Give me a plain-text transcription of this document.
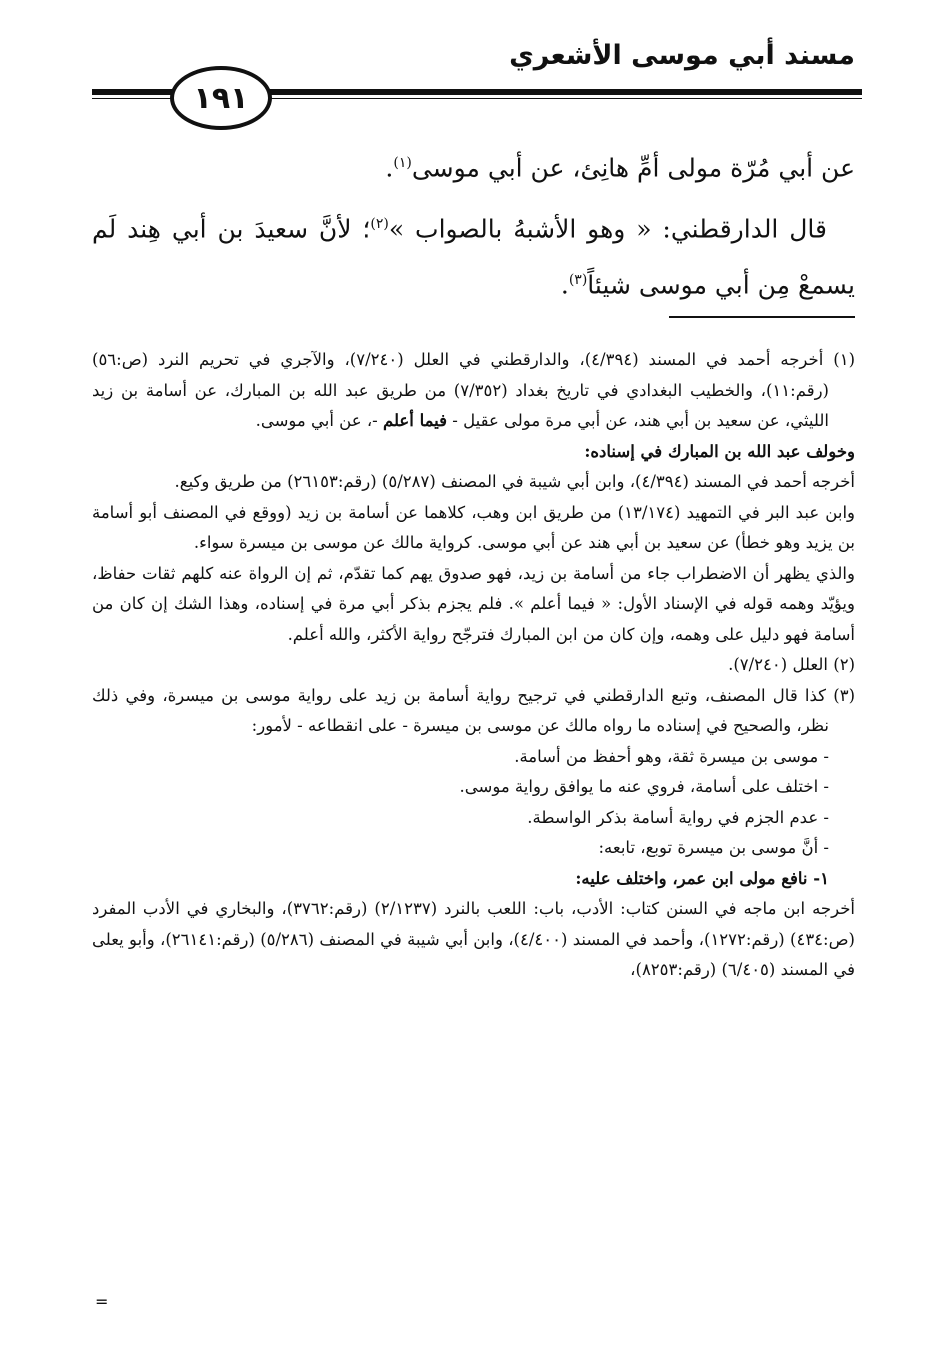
مسند أبي موسى الأشعري
١٩١

عن أبي مُرّة مولى أمِّ هانِئ، عن أبي موسى$^{(١)}$.

قال الدارقطني: « وهو الأشبهُ بالصواب »$^{(٢)}$؛ لأنَّ سعيدَ بن أبي هِند لَم يسمعْ مِن أبي موسى شيئاً$^{(٣)}$.

(١) أخرجه أحمد في المسند (٤/٣٩٤)، والدارقطني في العلل (٧/٢٤٠)، والآجري في تحريم النرد (ص:٥٦) (رقم:١١)، والخطيب البغدادي في تاريخ بغداد (٧/٣٥٢) من طريق عبد الله بن المبارك، عن أسامة بن زيد الليثي، عن سعيد بن أبي هند، عن أبي مرة مولى عقيل - فيما أعلم -، عن أبي موسى.

وخولف عبد الله بن المبارك في إسناده:

أخرجه أحمد في المسند (٤/٣٩٤)، وابن أبي شيبة في المصنف (٥/٢٨٧) (رقم:٢٦١٥٣) من طريق وكيع.

وابن عبد البر في التمهيد (١٣/١٧٤) من طريق ابن وهب، كلاهما عن أسامة بن زيد (ووقع في المصنف أبو أسامة بن يزيد وهو خطأ) عن سعيد بن أبي هند عن أبي موسى. كرواية مالك عن موسى بن ميسرة سواء.

والذي يظهر أن الاضطراب جاء من أسامة بن زيد، فهو صدوق يهم كما تقدّم، ثم إن الرواة عنه كلهم ثقات حفاظ، ويؤيّد وهمه قوله في الإسناد الأول: « فيما أعلم ». فلم يجزم بذكر أبي مرة في إسناده، وهذا الشك إن كان من أسامة فهو دليل على وهمه، وإن كان من ابن المبارك فترجّح رواية الأكثر، والله أعلم.

(٢) العلل (٧/٢٤٠).

(٣) كذا قال المصنف، وتبع الدارقطني في ترجيح رواية أسامة بن زيد على رواية موسى بن ميسرة، وفي ذلك نظر، والصحيح في إسناده ما رواه مالك عن موسى بن ميسرة - على انقطاعه - لأمور:

- موسى بن ميسرة ثقة، وهو أحفظ من أسامة.

- اختلف على أسامة، فروي عنه ما يوافق رواية موسى.

- عدم الجزم في رواية أسامة بذكر الواسطة.

- أنَّ موسى بن ميسرة توبع، تابعه:

١- نافع مولى ابن عمر، واختلف عليه:

أخرجه ابن ماجه في السنن كتاب: الأدب، باب: اللعب بالنرد (٢/١٢٣٧) (رقم:٣٧٦٢)، والبخاري في الأدب المفرد (ص:٤٣٤) (رقم:١٢٧٢)، وأحمد في المسند (٤/٤٠٠)، وابن أبي شيبة في المصنف (٥/٢٨٦) (رقم:٢٦١٤١)، وأبو يعلى في المسند (٦/٤٠٥) (رقم:٨٢٥٣)،

=
